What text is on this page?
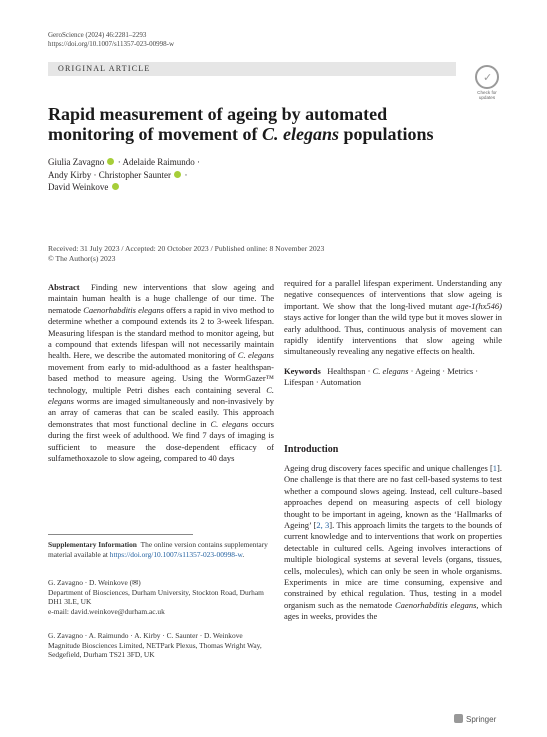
GeroScience (2024) 46:2281–2293
https://doi.org/10.1007/s11357-023-00998-w
ORIGINAL ARTICLE
✓
Check for
updates
Rapid measurement of ageing by automated monitoring of movement of C. elegans populations
Giulia Zavagno  · Adelaide Raimundo ·
Andy Kirby · Christopher Saunter  ·
David Weinkove
Received: 31 July 2023 / Accepted: 20 October 2023 / Published online: 8 November 2023
© The Author(s) 2023

Abstract Finding new interventions that slow ageing and maintain human health is a huge challenge of our time. The nematode Caenorhabditis elegans offers a rapid in vivo method to determine whether a compound extends its 2 to 3-week lifespan. Measuring lifespan is the standard method to monitor ageing, but a compound that extends lifespan will not necessarily maintain health. Here, we describe the automated monitoring of C. elegans movement from early to mid-adulthood as a faster healthspan-based method to measure ageing. Using the WormGazer™ technology, multiple Petri dishes each containing several C. elegans worms are imaged simultaneously and non-invasively by an array of cameras that can be scaled easily. This approach demonstrates that most functional decline in C. elegans occurs during the first week of adulthood. We find 7 days of imaging is sufficient to measure the dose-dependent efficacy of sulfamethoxazole to slow ageing, compared to 40 days

required for a parallel lifespan experiment. Understanding any negative consequences of interventions that slow ageing is important. We show that the long-lived mutant age-1(hx546) stays active for longer than the wild type but it moves slower in early adulthood. Thus, continuous analysis of movement can rapidly identify interventions that slow ageing while simultaneously revealing any negative effects on health.

Keywords Healthspan · C. elegans · Ageing · Metrics · Lifespan · Automation
Introduction

Ageing drug discovery faces specific and unique challenges [1]. One challenge is that there are no fast cell-based systems to test whether a compound slows ageing. Instead, cell culture–based approaches depend on measuring aspects of cell biology thought to be important in ageing, known as the ‘Hallmarks of Ageing’ [2, 3]. This approach limits the targets to the bounds of current knowledge and to interventions that work on properties detectable in cultured cells. Ageing involves interactions of multiple biological systems at several levels (organs, tissues, cells, molecules), which can only be seen in whole organisms. Experiments in mice are time consuming, expensive and constrained by ethical regulation. Thus, testing in a model organism such as the nematode Caenorhabditis elegans, which ages in weeks, provides the

Supplementary Information The online version contains supplementary material available at https://doi.org/10.1007/s11357-023-00998-w.
G. Zavagno · D. Weinkove (✉)
Department of Biosciences, Durham University, Stockton Road, Durham DH1 3LE, UK
e-mail: david.weinkove@durham.ac.uk
G. Zavagno · A. Raimundo · A. Kirby · C. Saunter · D. Weinkove
Magnitude Biosciences Limited, NETPark Plexus, Thomas Wright Way, Sedgefield, Durham TS21 3FD, UK
Springer
